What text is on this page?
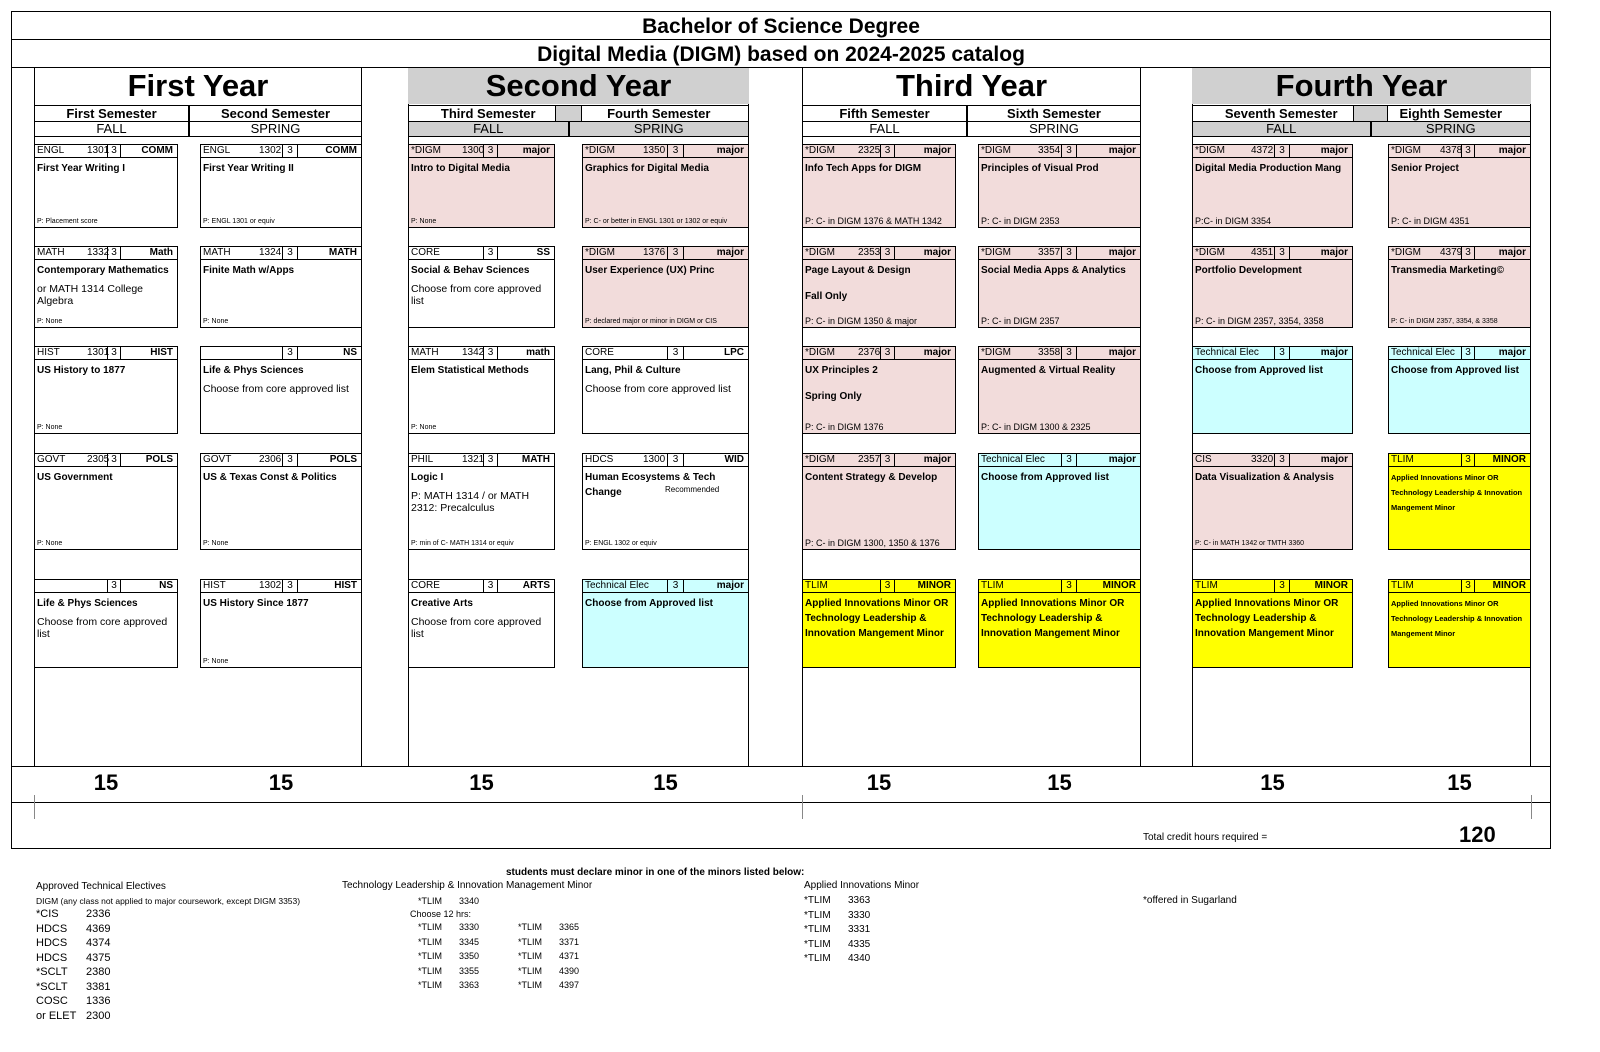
Bachelor of Science Degree
Digital Media (DIGM) based on 2024-2025 catalog
First Year
First Semester	Second Semester
FALL	SPRING
Second Year
Third Semester	Fourth Semester
FALL	SPRING
Third Year
Fifth Semester	Sixth Semester
FALL	SPRING
Fourth Year
Seventh Semester	Eighth Semester
FALL	SPRING
ENGL 1301 3	COMM
First Year Writing I
P: Placement score
MATH 1332 3	Math
Contemporary Mathematics
or MATH 1314 College Algebra
P: None
HIST	1301 3	HIST
US History to 1877
P: None
GOVT 2305 3	POLS
US Government
P: None
3	NS
Life & Phys Sciences
Choose from core approved list
15
ENGL	1302 3	COMM
First Year Writing II
P: ENGL 1301 or equiv
MATH	1324 3	MATH
Finite Math w/Apps
P: None
3	NS
Life & Phys Sciences
Choose from core approved list
GOVT	2306 3	POLS
US & Texas Const & Politics
P: None
HIST	1302 3	HIST
US History Since 1877
P: None
15
*DIGM 1300 3	major
Intro to Digital Media
P: None
CORE	3	SS
Social & Behav Sciences
Choose from core approved list
MATH 1342 3	math
Elem Statistical Methods
P: None
PHIL	1321 3	MATH
Logic I
P: MATH 1314 / or MATH 2312: Precalculus
P: min of C- MATH 1314 or equiv
CORE	3	ARTS
Creative Arts
Choose from core approved list
15
*DIGM	1350 3	major
Graphics for Digital Media
P: C- or better in ENGL 1301 or 1302 or equiv
*DIGM	1376 3	major
User Experience (UX) Princ
P: declared major or minor in DIGM or CIS
CORE	3	LPC
Lang, Phil & Culture
Choose from core approved list
HDCS	1300 3	WID
Human Ecosystems & Tech Change	Recommended
P: ENGL 1302 or equiv
Technical Elec	3	major
Choose from Approved list
15
*DIGM 2325 3	major
Info Tech Apps for DIGM
P: C- in DIGM 1376 & MATH 1342
*DIGM 2353 3	major
Page Layout & Design
Fall Only
P: C- in DIGM 1350 & major
*DIGM 2376 3	major
UX Principles 2
Spring Only
P: C- in DIGM 1376
*DIGM 2357 3	major
Content Strategy & Develop
P: C- in DIGM 1300, 1350 & 1376
TLIM	3	MINOR
Applied Innovations Minor OR Technology Leadership & Innovation Mangement Minor
15
*DIGM	3354 3	major
Principles of Visual Prod
P: C- in DIGM 2353
*DIGM	3357 3	major
Social Media Apps & Analytics
P: C- in DIGM 2357
*DIGM	3358 3	major
Augmented & Virtual Reality
P: C- in DIGM 1300 & 2325
Technical Elec	3	major
Choose from Approved list
TLIM	3	MINOR
Applied Innovations Minor OR Technology Leadership & Innovation Mangement Minor
15
*DIGM	4372 3	major
Digital Media Production Mang
P:C- in DIGM 3354
*DIGM	4351 3	major
Portfolio Development
P: C- in DIGM 2357, 3354, 3358
Technical Elec	3	major
Choose from Approved list
CIS	3320 3	major
Data Visualization & Analysis
P: C- in MATH 1342 or TMTH 3360
TLIM	3	MINOR
Applied Innovations Minor OR Technology Leadership & Innovation Mangement Minor
15
*DIGM 4378 3	major
Senior Project
P: C- in DIGM 4351
*DIGM 4379 3	major
Transmedia Marketing©
P: C- in DIGM 2357, 3354, & 3358
Technical Elec	3	major
Choose from Approved list
TLIM	3	MINOR
Applied Innovations Minor OR Technology Leadership & Innovation Mangement Minor
TLIM	3	MINOR
Applied Innovations Minor OR Technology Leadership & Innovation Mangement Minor
15
Total credit hours required =	120
students must declare minor in one of the minors listed below:
Approved Technical Electives
DIGM (any class not applied to major coursework, except DIGM 3353)
*CIS 2336
HDCS 4369
HDCS 4374
HDCS 4375
*SCLT 2380
*SCLT 3381
COSC 1336
or ELET 2300
Technology Leadership & Innovation Management Minor
*TLIM 3340
Choose 12 hrs:
*TLIM 3330
*TLIM 3345
*TLIM 3350
*TLIM 3355
*TLIM 3363
*TLIM 3365
*TLIM 3371
*TLIM 4371
*TLIM 4390
*TLIM 4397
Applied Innovations Minor
*TLIM 3363
*TLIM 3330
*TLIM 3331
*TLIM 4335
*TLIM 4340
*offered in Sugarland
